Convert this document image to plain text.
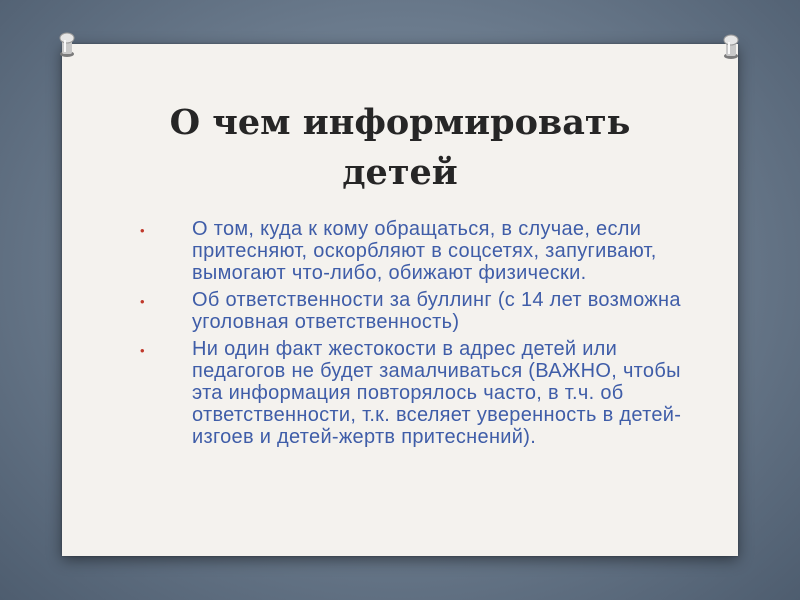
О чем информировать
детей
• О том, куда к кому обращаться, в случае, если притесняют, оскорбляют в соцсетях, запугивают, вымогают что-либо, обижают физически.
• Об ответственности за буллинг (с 14 лет возможна уголовная ответственность)
• Ни один факт жестокости в адрес детей или педагогов не будет замалчиваться (ВАЖНО, чтобы эта информация повторялось часто, в т.ч. об ответственности, т.к. вселяет уверенность в детей-изгоев и детей-жертв притеснений).
